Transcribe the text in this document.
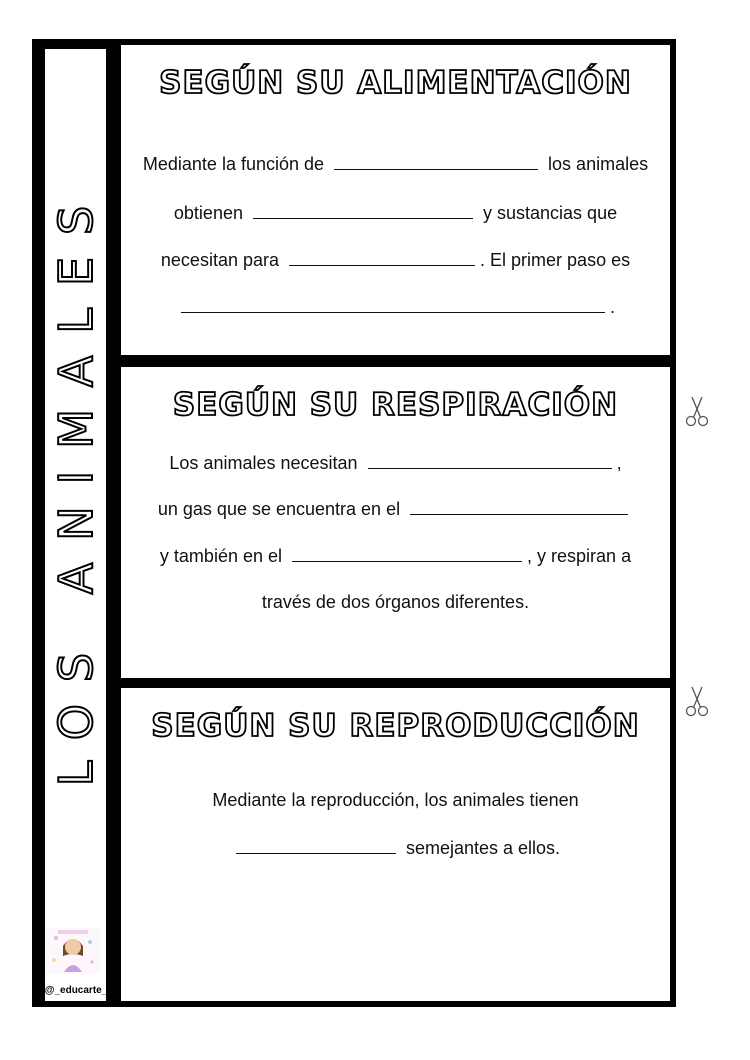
LOS ANIMALES
SEGÚN SU ALIMENTACIÓN
Mediante la función de	los animales
obtienen	y sustancias que
necesitan para	. El primer paso es
.
SEGÚN SU RESPIRACIÓN
Los animales necesitan	,
un gas que se encuentra en el
y también en el	, y respiran a
través de dos órganos diferentes.
SEGÚN SU REPRODUCCIÓN
Mediante la reproducción, los animales tienen
semejantes a ellos.
@_educarte_
